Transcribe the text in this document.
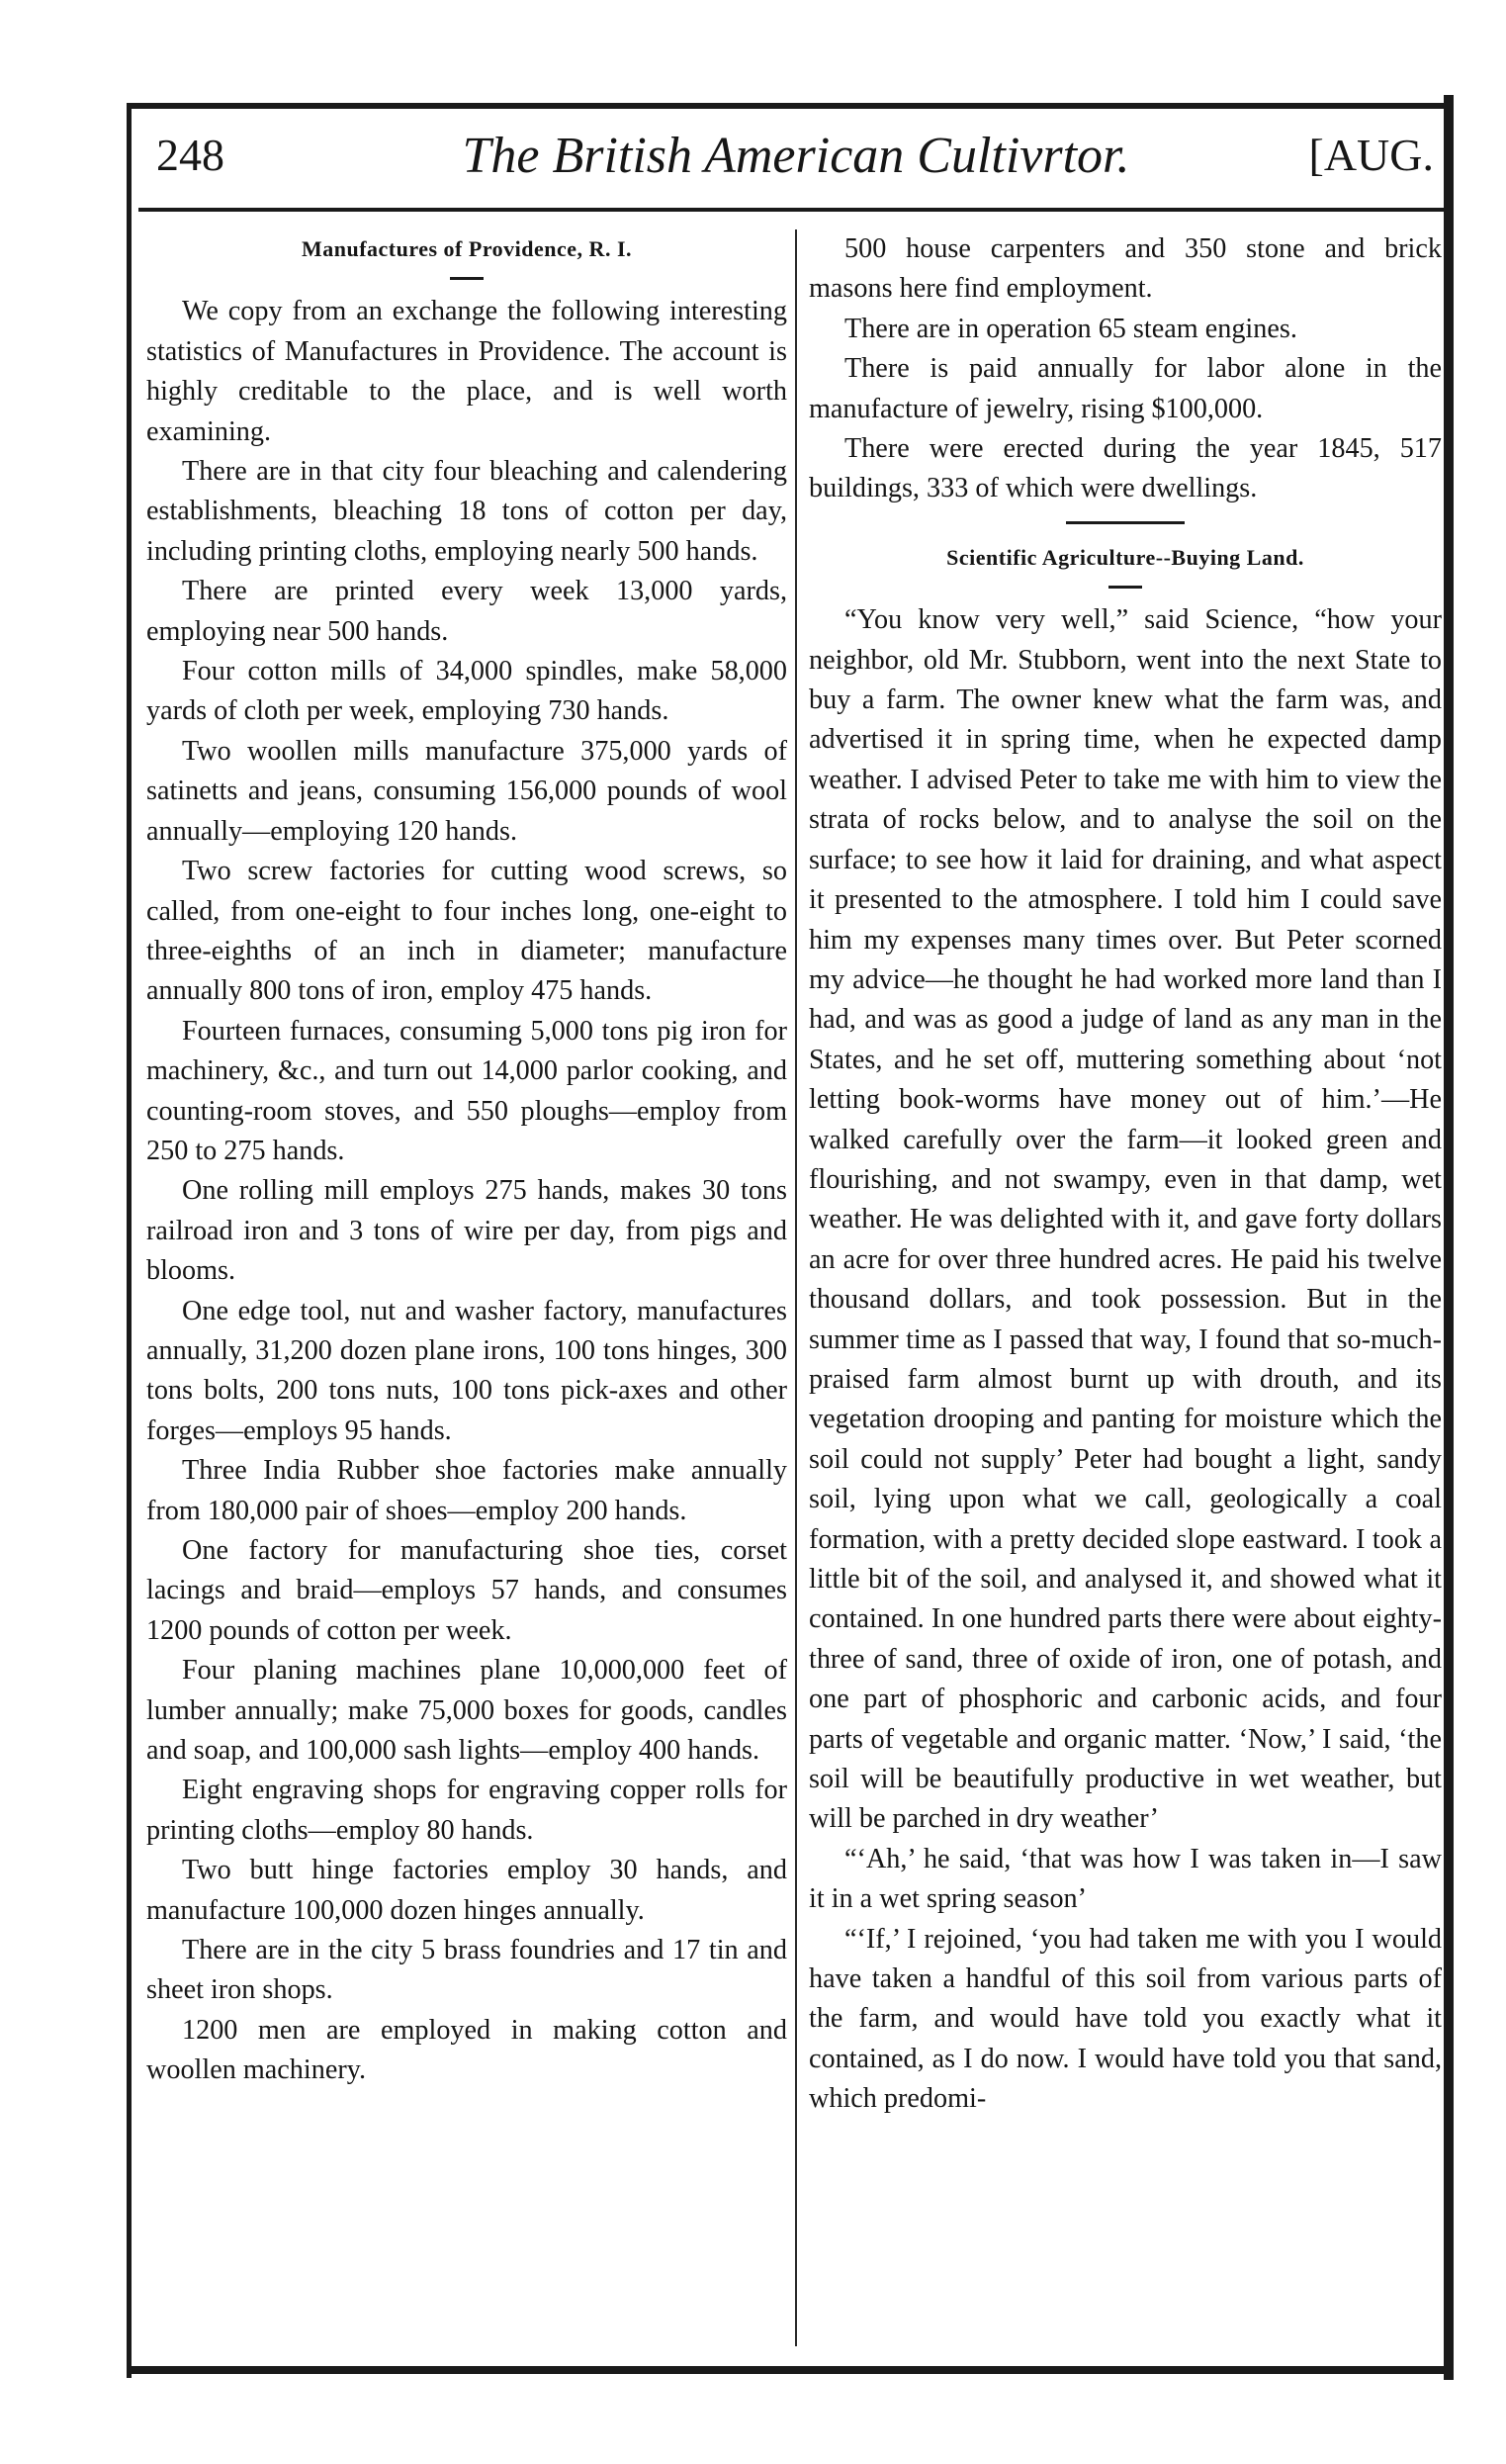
248	The British American Cultivrtor.	[AUG.
Manufactures of Providence, R. I.

We copy from an exchange the following interesting statistics of Manufactures in Providence. The account is highly creditable to the place, and is well worth examining.

There are in that city four bleaching and calendering establishments, bleaching 18 tons of cotton per day, including printing cloths, employing nearly 500 hands.

There are printed every week 13,000 yards, employing near 500 hands.

Four cotton mills of 34,000 spindles, make 58,000 yards of cloth per week, employing 730 hands.

Two woollen mills manufacture 375,000 yards of satinetts and jeans, consuming 156,000 pounds of wool annually—employing 120 hands.

Two screw factories for cutting wood screws, so called, from one-eight to four inches long, one-eight to three-eighths of an inch in diameter; manufacture annually 800 tons of iron, employ 475 hands.

Fourteen furnaces, consuming 5,000 tons pig iron for machinery, &c., and turn out 14,000 parlor cooking, and counting-room stoves, and 550 ploughs—employ from 250 to 275 hands.

One rolling mill employs 275 hands, makes 30 tons railroad iron and 3 tons of wire per day, from pigs and blooms.

One edge tool, nut and washer factory, manufactures annually, 31,200 dozen plane irons, 100 tons hinges, 300 tons bolts, 200 tons nuts, 100 tons pick-axes and other forges—employs 95 hands.

Three India Rubber shoe factories make annually from 180,000 pair of shoes—employ 200 hands.

One factory for manufacturing shoe ties, corset lacings and braid—employs 57 hands, and consumes 1200 pounds of cotton per week.

Four planing machines plane 10,000,000 feet of lumber annually; make 75,000 boxes for goods, candles and soap, and 100,000 sash lights—employ 400 hands.

Eight engraving shops for engraving copper rolls for printing cloths—employ 80 hands.

Two butt hinge factories employ 30 hands, and manufacture 100,000 dozen hinges annually.

There are in the city 5 brass foundries and 17 tin and sheet iron shops.

1200 men are employed in making cotton and woollen machinery.

500 house carpenters and 350 stone and brick masons here find employment.

There are in operation 65 steam engines.

There is paid annually for labor alone in the manufacture of jewelry, rising $100,000.

There were erected during the year 1845, 517 buildings, 333 of which were dwellings.

Scientific Agriculture--Buying Land.

“You know very well,” said Science, “how your neighbor, old Mr. Stubborn, went into the next State to buy a farm. The owner knew what the farm was, and advertised it in spring time, when he expected damp weather. I advised Peter to take me with him to view the strata of rocks below, and to analyse the soil on the surface; to see how it laid for draining, and what aspect it presented to the atmosphere. I told him I could save him my expenses many times over. But Peter scorned my advice—he thought he had worked more land than I had, and was as good a judge of land as any man in the States, and he set off, muttering something about ‘not letting book-worms have money out of him.’—He walked carefully over the farm—it looked green and flourishing, and not swampy, even in that damp, wet weather. He was delighted with it, and gave forty dollars an acre for over three hundred acres. He paid his twelve thousand dollars, and took possession. But in the summer time as I passed that way, I found that so-much-praised farm almost burnt up with drouth, and its vegetation drooping and panting for moisture which the soil could not supply’ Peter had bought a light, sandy soil, lying upon what we call, geologically a coal formation, with a pretty decided slope eastward. I took a little bit of the soil, and analysed it, and showed what it contained. In one hundred parts there were about eighty-three of sand, three of oxide of iron, one of potash, and one part of phosphoric and carbonic acids, and four parts of vegetable and organic matter. ‘Now,’ I said, ‘the soil will be beautifully productive in wet weather, but will be parched in dry weather’

“‘Ah,’ he said, ‘that was how I was taken in—I saw it in a wet spring season’

“‘If,’ I rejoined, ‘you had taken me with you I would have taken a handful of this soil from various parts of the farm, and would have told you exactly what it contained, as I do now. I would have told you that sand, which predomi-
